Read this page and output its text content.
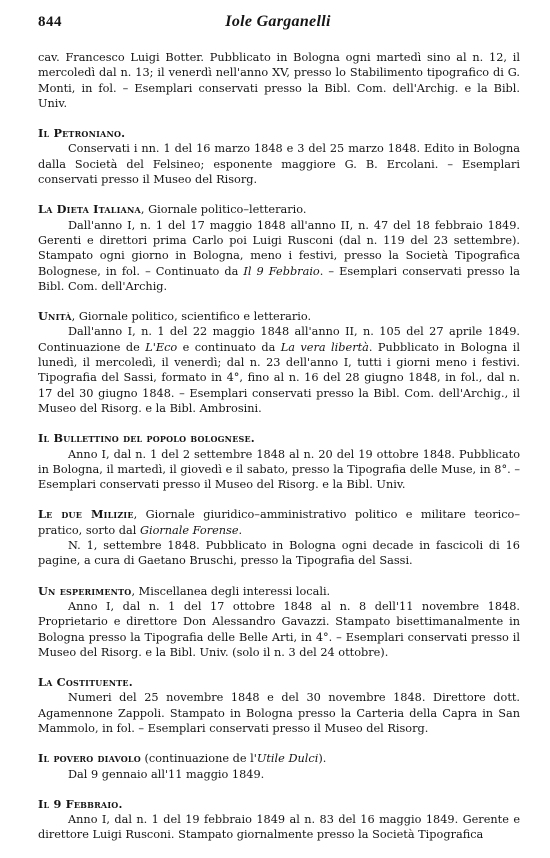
844	Iole Garganelli

cav. Francesco Luigi Botter. Pubblicato in Bologna ogni martedì sino al n. 12, il mercoledì dal n. 13; il venerdì nell'anno XV, presso lo Stabilimento tipografico di G. Monti, in fol. – Esemplari conservati presso la Bibl. Com. dell'Archig. e la Bibl. Univ.

Il Petroniano.

Conservati i nn. 1 del 16 marzo 1848 e 3 del 25 marzo 1848. Edito in Bologna dalla Società del Felsineo; esponente maggiore G. B. Ercolani. – Esemplari conservati presso il Museo del Risorg.

La Dieta Italiana, Giornale politico–letterario.

Dall'anno I, n. 1 del 17 maggio 1848 all'anno II, n. 47 del 18 febbraio 1849. Gerenti e direttori prima Carlo poi Luigi Rusconi (dal n. 119 del 23 settembre). Stampato ogni giorno in Bologna, meno i festivi, presso la Società Tipografica Bolognese, in fol. – Continuato da Il 9 Febbraio. – Esemplari conservati presso la Bibl. Com. dell'Archig.

Unità, Giornale politico, scientifico e letterario.

Dall'anno I, n. 1 del 22 maggio 1848 all'anno II, n. 105 del 27 aprile 1849. Continuazione de L'Eco e continuato da La vera libertà. Pubblicato in Bologna il lunedì, il mercoledì, il venerdì; dal n. 23 dell'anno I, tutti i giorni meno i festivi. Tipografia del Sassi, formato in 4°, fino al n. 16 del 28 giugno 1848, in fol., dal n. 17 del 30 giugno 1848. – Esemplari conservati presso la Bibl. Com. dell'Archig., il Museo del Risorg. e la Bibl. Ambrosini.

Il Bullettino del popolo bolognese.

Anno I, dal n. 1 del 2 settembre 1848 al n. 20 del 19 ottobre 1848. Pubblicato in Bologna, il martedì, il giovedì e il sabato, presso la Tipografia delle Muse, in 8°. – Esemplari conservati presso il Museo del Risorg. e la Bibl. Univ.

Le due Milizie, Giornale giuridico–amministrativo politico e militare teorico–pratico, sorto dal Giornale Forense.

N. 1, settembre 1848. Pubblicato in Bologna ogni decade in fascicoli di 16 pagine, a cura di Gaetano Bruschi, presso la Tipografia del Sassi.

Un esperimento, Miscellanea degli interessi locali.

Anno I, dal n. 1 del 17 ottobre 1848 al n. 8 dell'11 novembre 1848. Proprietario e direttore Don Alessandro Gavazzi. Stampato bisettimanalmente in Bologna presso la Tipografia delle Belle Arti, in 4°. – Esemplari conservati presso il Museo del Risorg. e la Bibl. Univ. (solo il n. 3 del 24 ottobre).

La Costituente.

Numeri del 25 novembre 1848 e del 30 novembre 1848. Direttore dott. Agamennone Zappoli. Stampato in Bologna presso la Carteria della Capra in San Mammolo, in fol. – Esemplari conservati presso il Museo del Risorg.

Il povero diavolo (continuazione de l'Utile Dulci).

Dal 9 gennaio all'11 maggio 1849.

Il 9 Febbraio.

Anno I, dal n. 1 del 19 febbraio 1849 al n. 83 del 16 maggio 1849. Gerente e direttore Luigi Rusconi. Stampato giornalmente presso la Società Tipografica
